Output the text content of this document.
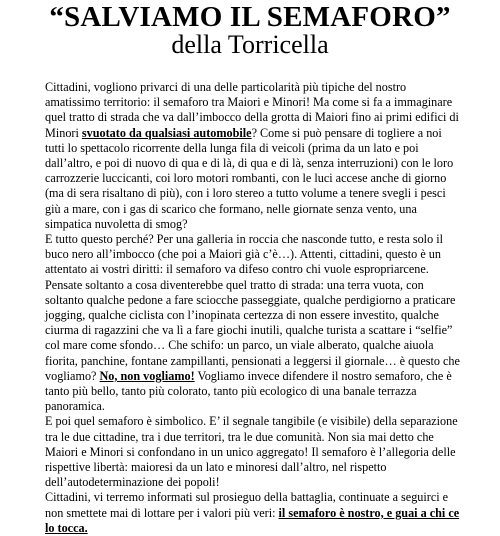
“SALVIAMO IL SEMAFORO”
della Torricella

Cittadini, vogliono privarci di una delle particolarità più tipiche del nostro amatissimo territorio: il semaforo tra Maiori e Minori! Ma come si fa a immaginare quel tratto di strada che va dall’imbocco della grotta di Maiori fino ai primi edifici di Minori svuotato da qualsiasi automobile? Come si può pensare di togliere a noi tutti lo spettacolo ricorrente della lunga fila di veicoli (prima da un lato e poi dall’altro, e poi di nuovo di qua e di là, di qua e di là, senza interruzioni) con le loro carrozzerie luccicanti, coi loro motori rombanti, con le luci accese anche di giorno (ma di sera risaltano di più), con i loro stereo a tutto volume a tenere svegli i pesci giù a mare, con i gas di scarico che formano, nelle giornate senza vento, una simpatica nuvoletta di smog?

E tutto questo perché? Per una galleria in roccia che nasconde tutto, e resta solo il buco nero all’imbocco (che poi a Maiori già c’è…). Attenti, cittadini, questo è un attentato ai vostri diritti: il semaforo va difeso contro chi vuole espropriarcene. Pensate soltanto a cosa diventerebbe quel tratto di strada: una terra vuota, con soltanto qualche pedone a fare sciocche passeggiate, qualche perdigiorno a praticare jogging, qualche ciclista con l’inopinata certezza di non essere investito, qualche ciurma di ragazzini che va lì a fare giochi inutili, qualche turista a scattare i “selfie” col mare come sfondo… Che schifo: un parco, un viale alberato, qualche aiuola fiorita, panchine, fontane zampillanti, pensionati a leggersi il giornale… è questo che vogliamo? No, non vogliamo! Vogliamo invece difendere il nostro semaforo, che è tanto più bello, tanto più colorato, tanto più ecologico di una banale terrazza panoramica.

E poi quel semaforo è simbolico. E’ il segnale tangibile (e visibile) della separazione tra le due cittadine, tra i due territori, tra le due comunità. Non sia mai detto che Maiori e Minori si confondano in un unico aggregato! Il semaforo è l’allegoria delle rispettive libertà: maioresi da un lato e minoresi dall’altro, nel rispetto dell’autodeterminazione dei popoli!

Cittadini, vi terremo informati sul prosieguo della battaglia, continuate a seguirci e non smettete mai di lottare per i valori più veri: il semaforo è nostro, e guai a chi ce lo tocca.
